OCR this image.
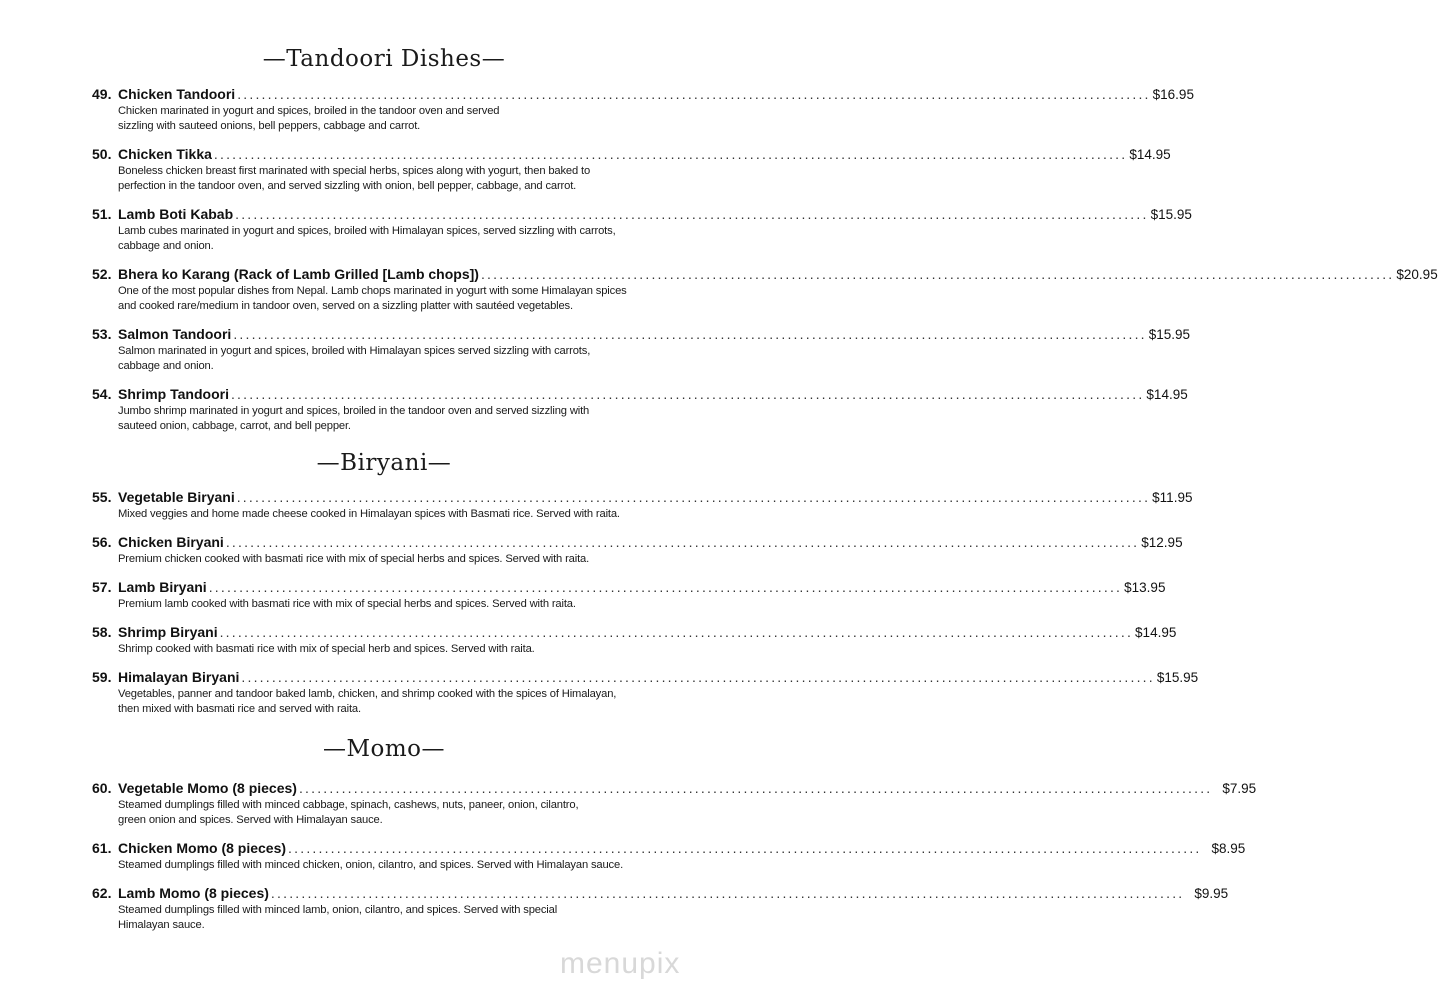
—Tandoori Dishes—
49. Chicken Tandoori ...................................................................................................................................................... $16.95
Chicken marinated in yogurt and spices, broiled in the tandoor oven and served
sizzling with sauteed onions, bell peppers, cabbage and carrot.
50. Chicken Tikka ...................................................................................................................................................... $14.95
Boneless chicken breast first marinated with special herbs, spices along with yogurt, then baked to
perfection in the tandoor oven, and served sizzling with onion, bell pepper, cabbage, and carrot.
51. Lamb Boti Kabab ...................................................................................................................................................... $15.95
Lamb cubes marinated in yogurt and spices, broiled with Himalayan spices, served sizzling with carrots,
cabbage and onion.
52. Bhera ko Karang (Rack of Lamb Grilled [Lamb chops]) ...................................................................................................................................................... $20.95
One of the most popular dishes from Nepal. Lamb chops marinated in yogurt with some Himalayan spices
and cooked rare/medium in tandoor oven, served on a sizzling platter with sautéed vegetables.
53. Salmon Tandoori ...................................................................................................................................................... $15.95
Salmon marinated in yogurt and spices, broiled with Himalayan spices served sizzling with carrots,
cabbage and onion.
54. Shrimp Tandoori ...................................................................................................................................................... $14.95
Jumbo shrimp marinated in yogurt and spices, broiled in the tandoor oven and served sizzling with
sauteed onion, cabbage, carrot, and bell pepper.
—Biryani—
55. Vegetable Biryani ...................................................................................................................................................... $11.95
Mixed veggies and home made cheese cooked in Himalayan spices with Basmati rice. Served with raita.
56. Chicken Biryani ...................................................................................................................................................... $12.95
Premium chicken cooked with basmati rice with mix of special herbs and spices. Served with raita.
57. Lamb Biryani ...................................................................................................................................................... $13.95
Premium lamb cooked with basmati rice with mix of special herbs and spices. Served with raita.
58. Shrimp Biryani ...................................................................................................................................................... $14.95
Shrimp cooked with basmati rice with mix of special herb and spices. Served with raita.
59. Himalayan Biryani ...................................................................................................................................................... $15.95
Vegetables, panner and tandoor baked lamb, chicken, and shrimp cooked with the spices of Himalayan,
then mixed with basmati rice and served with raita.
—Momo—
60. Vegetable Momo (8 pieces) ...................................................................................................................................................... $7.95
Steamed dumplings filled with minced cabbage, spinach, cashews, nuts, paneer, onion, cilantro,
green onion and spices. Served with Himalayan sauce.
61. Chicken Momo (8 pieces) ...................................................................................................................................................... $8.95
Steamed dumplings filled with minced chicken, onion, cilantro, and spices. Served with Himalayan sauce.
62. Lamb Momo (8 pieces) ...................................................................................................................................................... $9.95
Steamed dumplings filled with minced lamb, onion, cilantro, and spices. Served with special
Himalayan sauce.
menupix
